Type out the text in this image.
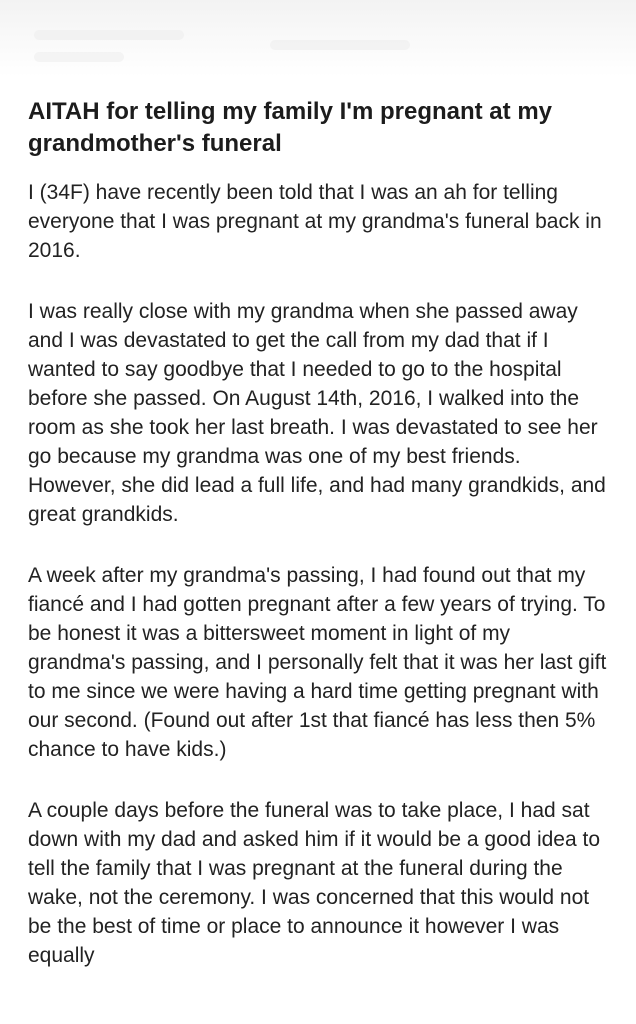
AITAH for telling my family I'm pregnant at my grandmother's funeral

I (34F) have recently been told that I was an ah for telling everyone that I was pregnant at my grandma's funeral back in 2016.

I was really close with my grandma when she passed away and I was devastated to get the call from my dad that if I wanted to say goodbye that I needed to go to the hospital before she passed. On August 14th, 2016, I walked into the room as she took her last breath. I was devastated to see her go because my grandma was one of my best friends. However, she did lead a full life, and had many grandkids, and great grandkids.

A week after my grandma's passing, I had found out that my fiancé and I had gotten pregnant after a few years of trying. To be honest it was a bittersweet moment in light of my grandma's passing, and I personally felt that it was her last gift to me since we were having a hard time getting pregnant with our second. (Found out after 1st that fiancé has less then 5% chance to have kids.)

A couple days before the funeral was to take place, I had sat down with my dad and asked him if it would be a good idea to tell the family that I was pregnant at the funeral during the wake, not the ceremony. I was concerned that this would not be the best of time or place to announce it however I was equally
